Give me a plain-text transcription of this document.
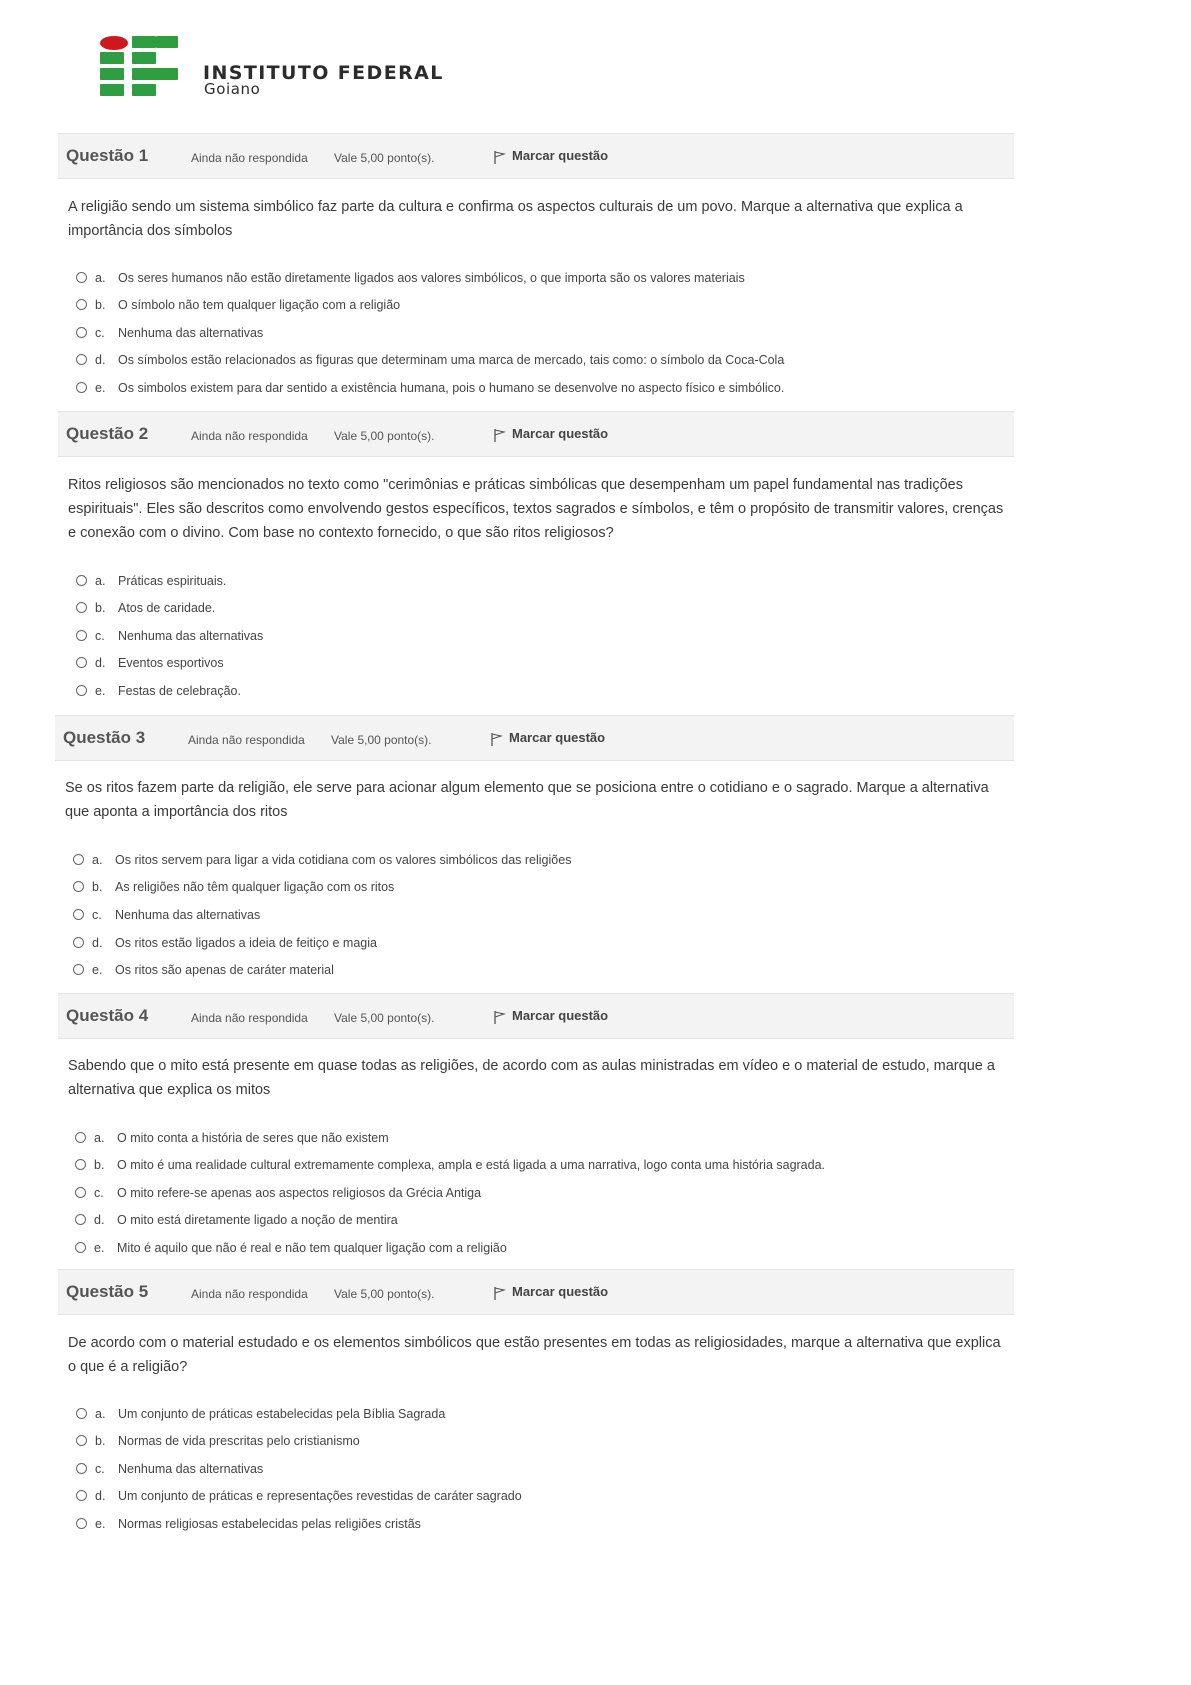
INSTITUTO FEDERAL
Goiano
Questão 1	Ainda não respondida Vale 5,00 ponto(s).	Marcar questão
A religião sendo um sistema simbólico faz parte da cultura e confirma os aspectos culturais de um povo. Marque a alternativa que explica a importância dos símbolos
a. Os seres humanos não estão diretamente ligados aos valores simbólicos, o que importa são os valores materiais
b. O símbolo não tem qualquer ligação com a religião
c. Nenhuma das alternativas
d. Os símbolos estão relacionados as figuras que determinam uma marca de mercado, tais como: o símbolo da Coca-Cola
e. Os simbolos existem para dar sentido a existência humana, pois o humano se desenvolve no aspecto físico e simbólico.
Questão 2	Ainda não respondida Vale 5,00 ponto(s).	Marcar questão
Ritos religiosos são mencionados no texto como "cerimônias e práticas simbólicas que desempenham um papel fundamental nas tradições espirituais". Eles são descritos como envolvendo gestos específicos, textos sagrados e símbolos, e têm o propósito de transmitir valores, crenças e conexão com o divino. Com base no contexto fornecido, o que são ritos religiosos?
a. Práticas espirituais.
b. Atos de caridade.
c. Nenhuma das alternativas
d. Eventos esportivos
e. Festas de celebração.
Questão 3	Ainda não respondida Vale 5,00 ponto(s).	Marcar questão
Se os ritos fazem parte da religião, ele serve para acionar algum elemento que se posiciona entre o cotidiano e o sagrado. Marque a alternativa que aponta a importância dos ritos
a. Os ritos servem para ligar a vida cotidiana com os valores simbólicos das religiões
b. As religiões não têm qualquer ligação com os ritos
c. Nenhuma das alternativas
d. Os ritos estão ligados a ideia de feitiço e magia
e. Os ritos são apenas de caráter material
Questão 4	Ainda não respondida Vale 5,00 ponto(s).	Marcar questão
Sabendo que o mito está presente em quase todas as religiões, de acordo com as aulas ministradas em vídeo e o material de estudo, marque a alternativa que explica os mitos
a. O mito conta a história de seres que não existem
b. O mito é uma realidade cultural extremamente complexa, ampla e está ligada a uma narrativa, logo conta uma história sagrada.
c. O mito refere-se apenas aos aspectos religiosos da Grécia Antiga
d. O mito está diretamente ligado a noção de mentira
e. Mito é aquilo que não é real e não tem qualquer ligação com a religião
Questão 5	Ainda não respondida Vale 5,00 ponto(s).	Marcar questão
De acordo com o material estudado e os elementos simbólicos que estão presentes em todas as religiosidades, marque a alternativa que explica o que é a religião?
a. Um conjunto de práticas estabelecidas pela Bíblia Sagrada
b. Normas de vida prescritas pelo cristianismo
c. Nenhuma das alternativas
d. Um conjunto de práticas e representações revestidas de caráter sagrado
e. Normas religiosas estabelecidas pelas religiões cristãs
